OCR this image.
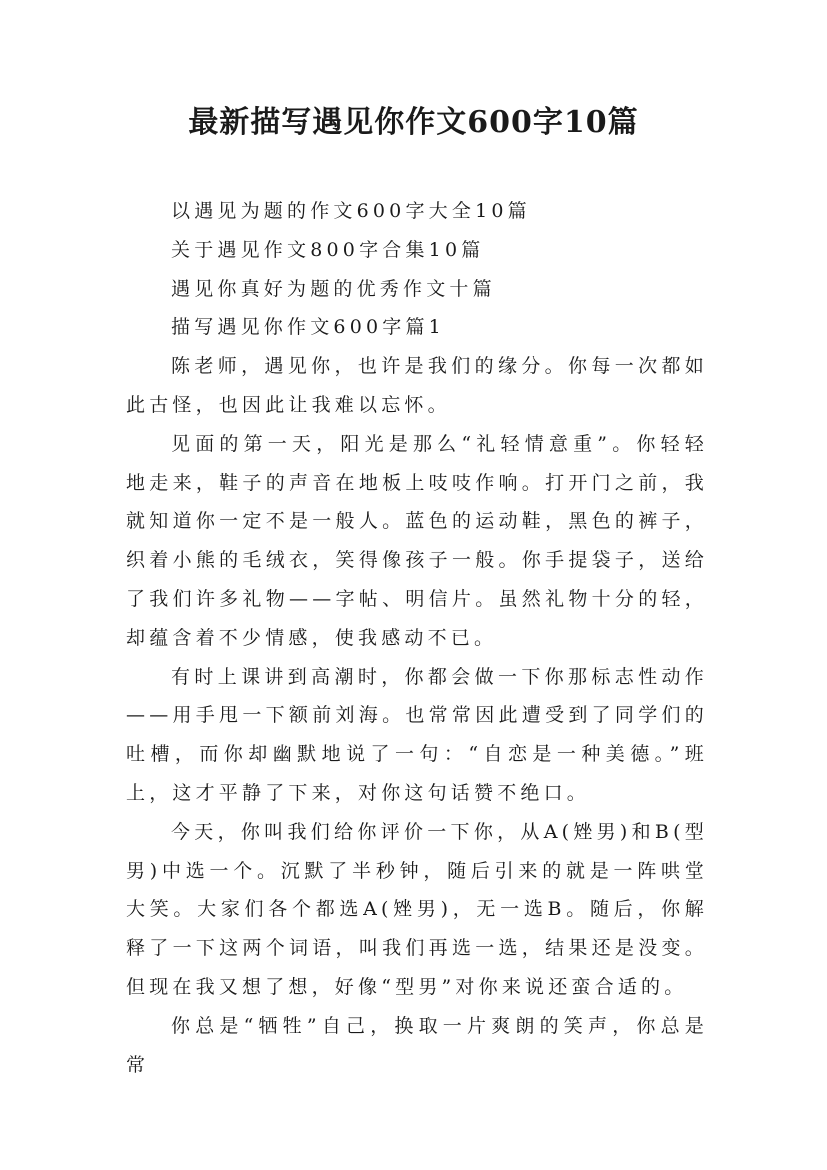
最新描写遇见你作文600字10篇
以遇见为题的作文600字大全10篇
关于遇见作文800字合集10篇
遇见你真好为题的优秀作文十篇
描写遇见你作文600字篇1

陈老师，遇见你，也许是我们的缘分。你每一次都如此古怪，也因此让我难以忘怀。

见面的第一天，阳光是那么“礼轻情意重”。你轻轻地走来，鞋子的声音在地板上吱吱作响。打开门之前，我就知道你一定不是一般人。蓝色的运动鞋，黑色的裤子，织着小熊的毛绒衣，笑得像孩子一般。你手提袋子，送给了我们许多礼物——字帖、明信片。虽然礼物十分的轻，却蕴含着不少情感，使我感动不已。

有时上课讲到高潮时，你都会做一下你那标志性动作——用手甩一下额前刘海。也常常因此遭受到了同学们的吐槽，而你却幽默地说了一句：“自恋是一种美德。”班上，这才平静了下来，对你这句话赞不绝口。

今天，你叫我们给你评价一下你，从A(矬男)和B(型男)中选一个。沉默了半秒钟，随后引来的就是一阵哄堂大笑。大家们各个都选A(矬男)，无一选B。随后，你解释了一下这两个词语，叫我们再选一选，结果还是没变。但现在我又想了想，好像“型男”对你来说还蛮合适的。

你总是“牺牲”自己，换取一片爽朗的笑声，你总是常
